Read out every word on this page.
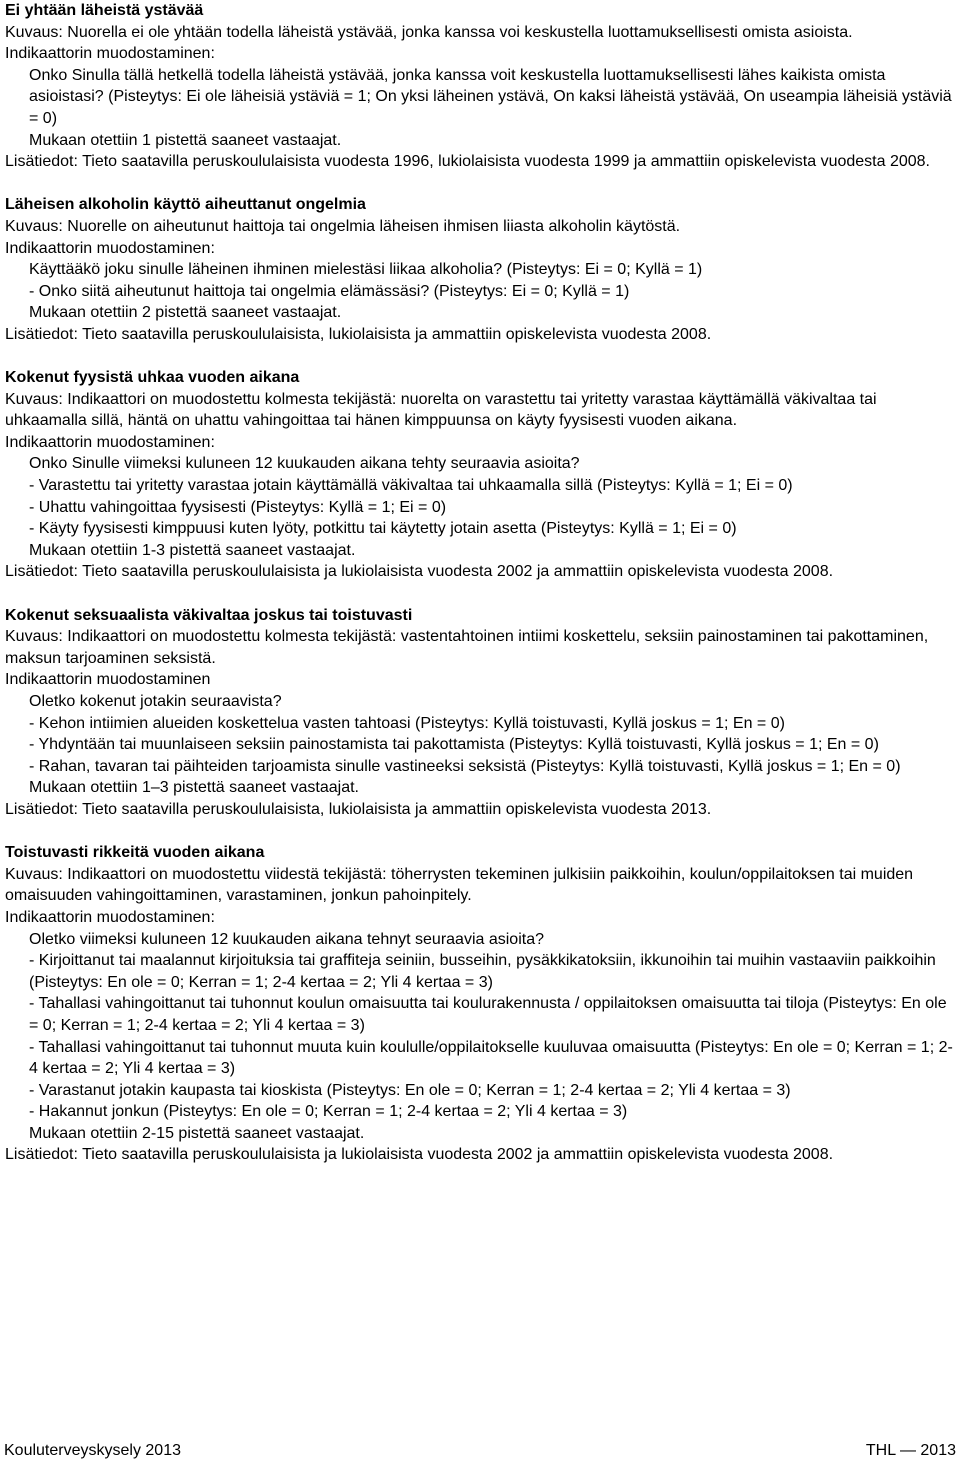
Ei yhtään läheistä ystävää
Kuvaus: Nuorella ei ole yhtään todella läheistä ystävää, jonka kanssa voi keskustella luottamuksellisesti omista asioista.
Indikaattorin muodostaminen:
Onko Sinulla tällä hetkellä todella läheistä ystävää, jonka kanssa voit keskustella luottamuksellisesti lähes kaikista omista asioistasi? (Pisteytys: Ei ole läheisiä ystäviä = 1; On yksi läheinen ystävä, On kaksi läheistä ystävää, On useampia läheisiä ystäviä = 0)
Mukaan otettiin 1 pistettä saaneet vastaajat.
Lisätiedot: Tieto saatavilla peruskoululaisista vuodesta 1996, lukiolaisista vuodesta 1999 ja ammattiin opiskelevista vuodesta 2008.
Läheisen alkoholin käyttö aiheuttanut ongelmia
Kuvaus: Nuorelle on aiheutunut haittoja tai ongelmia läheisen ihmisen liiasta alkoholin käytöstä.
Indikaattorin muodostaminen:
Käyttääkö joku sinulle läheinen ihminen mielestäsi liikaa alkoholia? (Pisteytys: Ei = 0; Kyllä = 1)
- Onko siitä aiheutunut haittoja tai ongelmia elämässäsi? (Pisteytys: Ei = 0; Kyllä = 1)
Mukaan otettiin 2 pistettä saaneet vastaajat.
Lisätiedot: Tieto saatavilla peruskoululaisista, lukiolaisista ja ammattiin opiskelevista vuodesta 2008.
Kokenut fyysistä uhkaa vuoden aikana
Kuvaus: Indikaattori on muodostettu kolmesta tekijästä: nuorelta on varastettu tai yritetty varastaa käyttämällä väkivaltaa tai uhkaamalla sillä, häntä on uhattu vahingoittaa tai hänen kimppuunsa on käyty fyysisesti vuoden aikana.
Indikaattorin muodostaminen:
Onko Sinulle viimeksi kuluneen 12 kuukauden aikana tehty seuraavia asioita?
- Varastettu tai yritetty varastaa jotain käyttämällä väkivaltaa tai uhkaamalla sillä (Pisteytys: Kyllä = 1; Ei = 0)
- Uhattu vahingoittaa fyysisesti (Pisteytys: Kyllä = 1; Ei = 0)
- Käyty fyysisesti kimppuusi kuten lyöty, potkittu tai käytetty jotain asetta (Pisteytys: Kyllä = 1; Ei = 0)
Mukaan otettiin 1-3 pistettä saaneet vastaajat.
Lisätiedot: Tieto saatavilla peruskoululaisista ja lukiolaisista vuodesta 2002 ja ammattiin opiskelevista vuodesta 2008.
Kokenut seksuaalista väkivaltaa joskus tai toistuvasti
Kuvaus: Indikaattori on muodostettu kolmesta tekijästä: vastentahtoinen intiimi koskettelu, seksiin painostaminen tai pakottaminen, maksun tarjoaminen seksistä.
Indikaattorin muodostaminen
Oletko kokenut jotakin seuraavista?
- Kehon intiimien alueiden koskettelua vasten tahtoasi (Pisteytys: Kyllä toistuvasti, Kyllä joskus = 1; En = 0)
- Yhdyntään tai muunlaiseen seksiin painostamista tai pakottamista (Pisteytys: Kyllä toistuvasti, Kyllä joskus = 1; En = 0)
- Rahan, tavaran tai päihteiden tarjoamista sinulle vastineeksi seksistä (Pisteytys: Kyllä toistuvasti, Kyllä joskus = 1; En = 0)
Mukaan otettiin 1–3 pistettä saaneet vastaajat.
Lisätiedot: Tieto saatavilla peruskoululaisista, lukiolaisista ja ammattiin opiskelevista vuodesta 2013.
Toistuvasti rikkeitä vuoden aikana
Kuvaus: Indikaattori on muodostettu viidestä tekijästä: töherrysten tekeminen julkisiin paikkoihin, koulun/oppilaitoksen tai muiden omaisuuden vahingoittaminen, varastaminen, jonkun pahoinpitely.
Indikaattorin muodostaminen:
Oletko viimeksi kuluneen 12 kuukauden aikana tehnyt seuraavia asioita?
- Kirjoittanut tai maalannut kirjoituksia tai graffiteja seiniin, busseihin, pysäkkikatoksiin, ikkunoihin tai muihin vastaaviin paikkoihin (Pisteytys: En ole = 0; Kerran = 1; 2-4 kertaa = 2; Yli 4 kertaa = 3)
- Tahallasi vahingoittanut tai tuhonnut koulun omaisuutta tai koulurakennusta / oppilaitoksen omaisuutta tai tiloja (Pisteytys: En ole = 0; Kerran = 1; 2-4 kertaa = 2; Yli 4 kertaa = 3)
- Tahallasi vahingoittanut tai tuhonnut muuta kuin koululle/oppilaitokselle kuuluvaa omaisuutta (Pisteytys: En ole = 0; Kerran = 1; 2-4 kertaa = 2; Yli 4 kertaa = 3)
- Varastanut jotakin kaupasta tai kioskista (Pisteytys: En ole = 0; Kerran = 1; 2-4 kertaa = 2; Yli 4 kertaa = 3)
- Hakannut jonkun (Pisteytys: En ole = 0; Kerran = 1; 2-4 kertaa = 2; Yli 4 kertaa = 3)
Mukaan otettiin 2-15 pistettä saaneet vastaajat.
Lisätiedot: Tieto saatavilla peruskoululaisista ja lukiolaisista vuodesta 2002 ja ammattiin opiskelevista vuodesta 2008.
Kouluterveyskysely 2013	THL — 2013
